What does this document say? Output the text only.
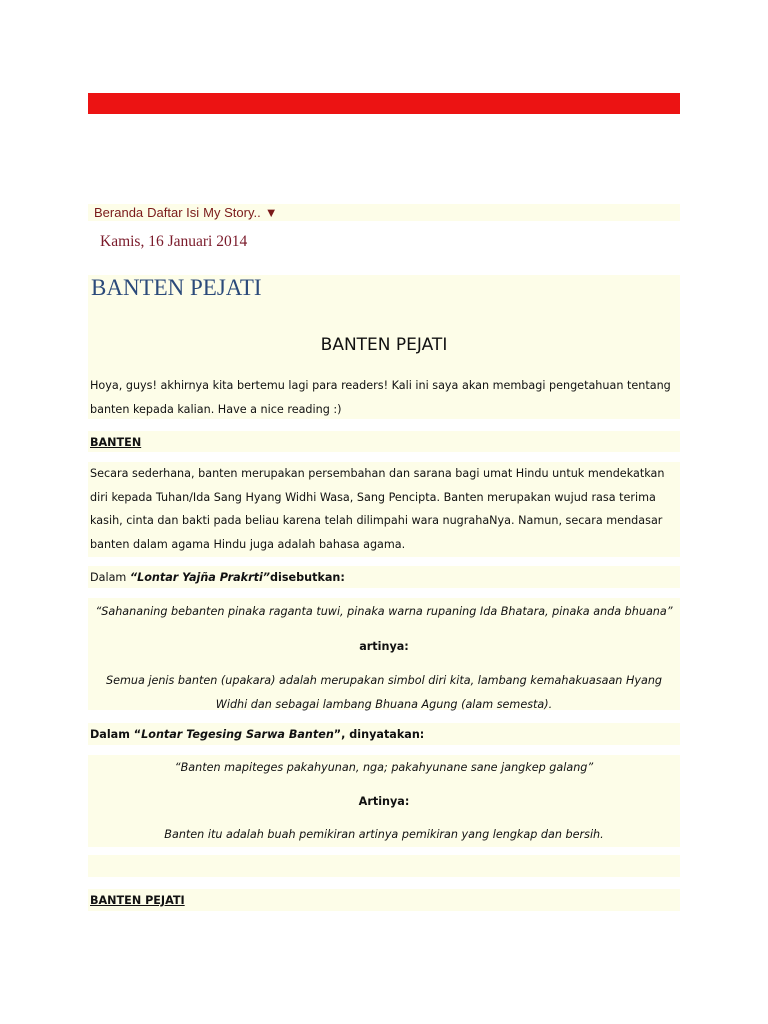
Beranda Daftar Isi My Story.. ▼
Kamis, 16 Januari 2014
BANTEN PEJATI
BANTEN PEJATI
Hoya, guys! akhirnya kita bertemu lagi para readers! Kali ini saya akan membagi pengetahuan tentang banten kepada kalian. Have a nice reading :)
BANTEN
Secara sederhana, banten merupakan persembahan dan sarana bagi umat Hindu untuk mendekatkan diri kepada Tuhan/Ida Sang Hyang Widhi Wasa, Sang Pencipta. Banten merupakan wujud rasa terima kasih, cinta dan bakti pada beliau karena telah dilimpahi wara nugrahaNya. Namun, secara mendasar banten dalam agama Hindu juga adalah bahasa agama.
Dalam “Lontar Yajña Prakrti”disebutkan:
“Sahananing bebanten pinaka raganta tuwi, pinaka warna rupaning Ida Bhatara, pinaka anda bhuana”
artinya:
Semua jenis banten (upakara) adalah merupakan simbol diri kita, lambang kemahakuasaan Hyang Widhi dan sebagai lambang Bhuana Agung (alam semesta).
Dalam “Lontar Tegesing Sarwa Banten”, dinyatakan:
“Banten mapiteges pakahyunan, nga; pakahyunane sane jangkep galang”
Artinya:
Banten itu adalah buah pemikiran artinya pemikiran yang lengkap dan bersih.
BANTEN PEJATI
